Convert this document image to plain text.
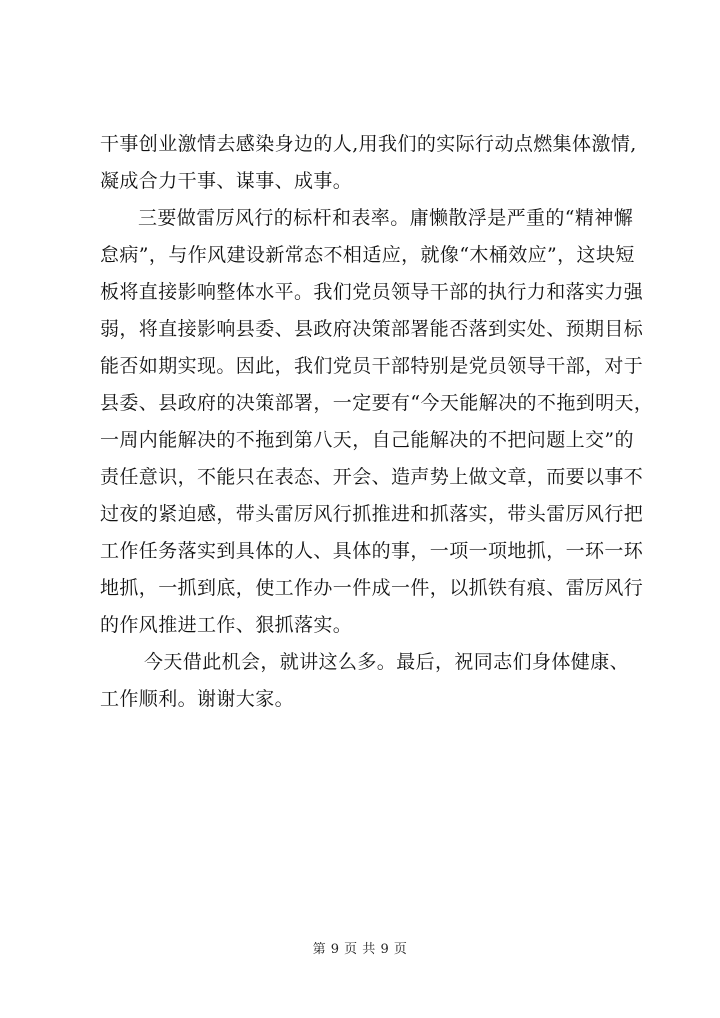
干事创业激情去感染身边的人,用我们的实际行动点燃集体激情,
凝成合力干事、谋事、成事。
三要做雷厉风行的标杆和表率。庸懒散浮是严重的“精神懈
怠病”，与作风建设新常态不相适应，就像“木桶效应”，这块短
板将直接影响整体水平。我们党员领导干部的执行力和落实力强
弱，将直接影响县委、县政府决策部署能否落到实处、预期目标
能否如期实现。因此，我们党员干部特别是党员领导干部，对于
县委、县政府的决策部署，一定要有“今天能解决的不拖到明天，
一周内能解决的不拖到第八天，自己能解决的不把问题上交”的
责任意识，不能只在表态、开会、造声势上做文章，而要以事不
过夜的紧迫感，带头雷厉风行抓推进和抓落实，带头雷厉风行把
工作任务落实到具体的人、具体的事，一项一项地抓，一环一环
地抓，一抓到底，使工作办一件成一件，以抓铁有痕、雷厉风行
的作风推进工作、狠抓落实。
今天借此机会，就讲这么多。最后，祝同志们身体健康、
工作顺利。谢谢大家。
第 9 页 共 9 页
